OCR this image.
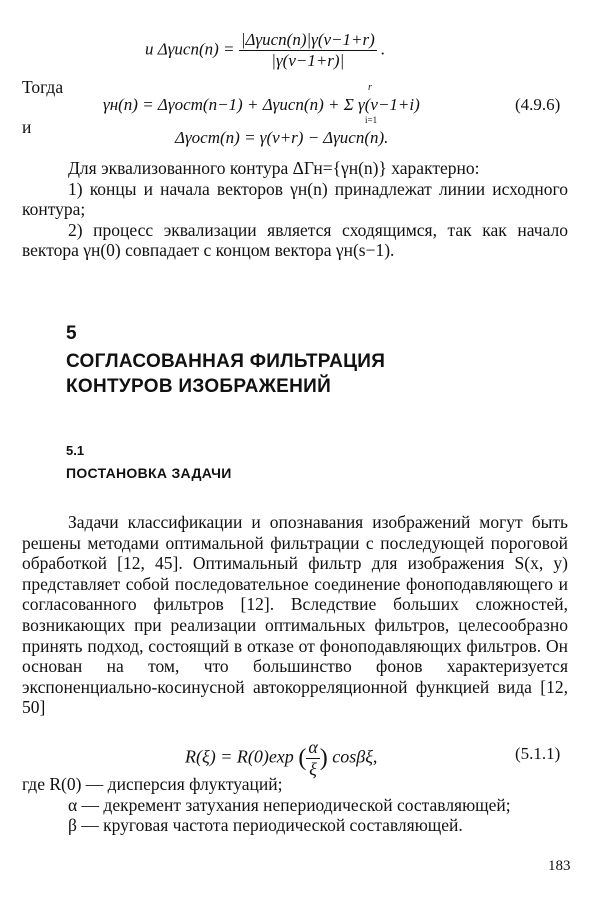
и $\Delta\gamma исп(n) = \frac{\text{|Δγисп(n)|γ(ν−1+r)}}{|\gamma(\nu-1+r)|}$ .
Тогда
γн(n) = Δγост(n−1) + Δγисп(n) + Σ γ(ν−1+i)
r
i=1
(4.9.6)
и
Δγост(n) = γ(ν+r) − Δγисп(n).

Для эквализованного контура ΔГн={γн(n)} характерно:

1) концы и начала векторов γн(n) принадлежат линии исходного контура;

2) процесс эквализации является сходящимся, так как начало вектора γн(0) совпадает с концом вектора γн(s−1).

5
СОГЛАСОВАННАЯ ФИЛЬТРАЦИЯ
КОНТУРОВ ИЗОБРАЖЕНИЙ
5.1
ПОСТАНОВКА ЗАДАЧИ

Задачи классификации и опознавания изображений могут быть решены методами оптимальной фильтрации с последующей пороговой обработкой [12, 45]. Оптимальный фильтр для изображения S(x, y) представляет собой последовательное соединение фоноподавляющего и согласованного фильтров [12]. Вследствие больших сложностей, возникающих при реализации оптимальных фильтров, целесообразно принять подход, состоящий в отказе от фоноподавляющих фильтров. Он основан на том, что большинство фонов характеризуется экспоненциально-косинусной автокорреляционной функцией вида [12, 50]

R(ξ) = R(0)exp ( $\frac{\alpha}{\xi}$ ) cosβξ,	(5.1.1)

где R(0) — дисперсия флуктуаций;

α — декремент затухания непериодической составляющей;

β — круговая частота периодической составляющей.

183
